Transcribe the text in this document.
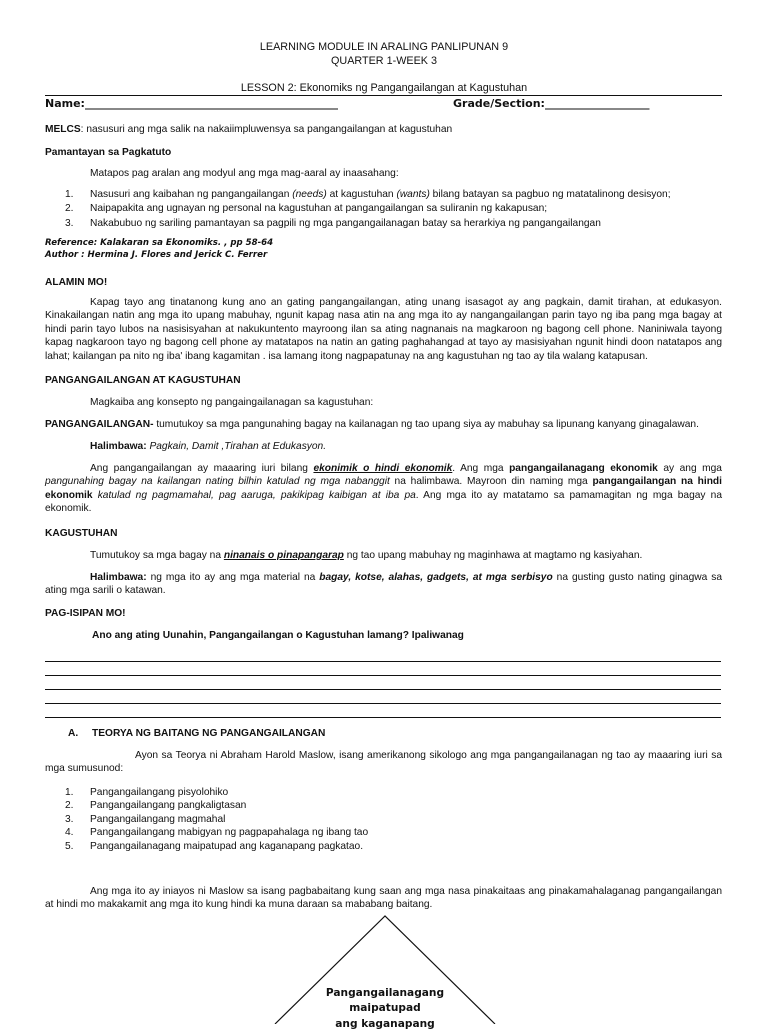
LEARNING MODULE IN ARALING PANLIPUNAN 9
QUARTER 1-WEEK 3
LESSON 2: Ekonomiks ng Pangangailangan at Kagustuhan
Name:______________________________________________	Grade/Section:___________________
MELCS: nasusuri ang mga salik na nakaiimpluwensya sa pangangailangan at kagustuhan
Pamantayan sa Pagkatuto
Matapos pag aralan ang modyul ang mga mag-aaral ay inaasahang:
1. Nasusuri ang kaibahan ng pangangailangan (needs) at kagustuhan (wants) bilang batayan sa pagbuo ng matatalinong desisyon;
2. Naipapakita ang ugnayan ng personal na kagustuhan at pangangailangan sa suliranin ng kakapusan;
3. Nakabubuo ng sariling pamantayan sa pagpili ng mga pangangailanagan batay sa herarkiya ng pangangailangan
Reference: Kalakaran sa Ekonomiks. , pp 58-64
Author : Hermina J. Flores and Jerick C. Ferrer
ALAMIN MO!
Kapag tayo ang tinatanong kung ano an gating pangangailangan, ating unang isasagot ay ang pagkain, damit tirahan, at edukasyon. Kinakailangan natin ang mga ito upang mabuhay, ngunit kapag nasa atin na ang mga ito ay nangangailangan parin tayo ng iba pang mga bagay at hindi parin tayo lubos na nasisisyahan at nakukuntento mayroong ilan sa ating nagnanais na magkaroon ng bagong cell phone. Naniniwala tayong kapag nagkaroon tayo ng bagong cell phone ay matatapos na natin an gating paghahangad at tayo ay masisiyahan ngunit hindi doon natatapos ang lahat; kailangan pa nito ng iba' ibang kagamitan . isa lamang itong nagpapatunay na ang kagustuhan ng tao ay tila walang katapusan.
PANGANGAILANGAN AT KAGUSTUHAN
Magkaiba ang konsepto ng pangaingailanagan sa kagustuhan:
PANGANGAILANGAN- tumutukoy sa mga pangunahing bagay na kailanagan ng tao upang siya ay mabuhay sa lipunang kanyang ginagalawan.
Halimbawa: Pagkain, Damit ,Tirahan at Edukasyon.
Ang pangangailangan ay maaaring iuri bilang ekonimik o hindi ekonomik. Ang mga pangangailanagang ekonomik ay ang mga pangunahing bagay na kailangan nating bilhin katulad ng mga nabanggit na halimbawa. Mayroon din naming mga pangangailangan na hindi ekonomik katulad ng pagmamahal, pag aaruga, pakikipag kaibigan at iba pa. Ang mga ito ay matatamo sa pamamagitan ng mga bagay na ekonomik.
KAGUSTUHAN
Tumutukoy sa mga bagay na ninanais o pinapangarap ng tao upang mabuhay ng maginhawa at magtamo ng kasiyahan.
Halimbawa: ng mga ito ay ang mga material na bagay, kotse, alahas, gadgets, at mga serbisyo na gusting gusto nating ginagwa sa ating mga sarili o katawan.
PAG-ISIPAN MO!
Ano ang ating Uunahin, Pangangailangan o Kagustuhan lamang? Ipaliwanag
A. TEORYA NG BAITANG NG PANGANGAILANGAN
Ayon sa Teorya ni Abraham Harold Maslow, isang amerikanong sikologo ang mga pangangailanagan ng tao ay maaaring iuri sa mga sumusunod:
1. Pangangailangang pisyolohiko
2. Pangangailangang pangkaligtasan
3. Pangangailangang magmahal
4. Pangangailangang mabigyan ng pagpapahalaga ng ibang tao
5. Pangangailanagang maipatupad ang kaganapang pagkatao.
Ang mga ito ay iniayos ni Maslow sa isang pagbabaitang kung saan ang mga nasa pinakaitaas ang pinakamahalaganag pangangailangan at hindi mo makakamit ang mga ito kung hindi ka muna daraan sa mababang baitang.
Pangangailanagang
maipatupad
ang kaganapang
